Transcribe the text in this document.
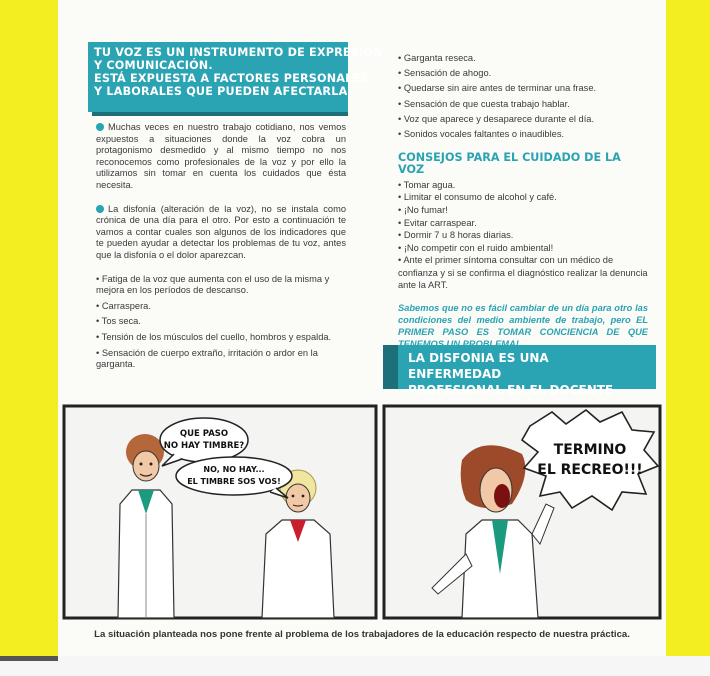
TU VOZ ES UN INSTRUMENTO DE EXPRESIÓN
Y COMUNICACIÓN.
ESTÁ EXPUESTA A FACTORES PERSONALES
Y LABORALES QUE PUEDEN AFECTARLA.

Muchas veces en nuestro trabajo cotidiano, nos vemos expuestos a situaciones donde la voz cobra un protagonismo desmedido y al mismo tiempo no nos reconocemos como profesionales de la voz y por ello la utilizamos sin tomar en cuenta los cuidados que ésta necesita.

La disfonía (alteración de la voz), no se instala como crónica de una día para el otro. Por esto a continuación te vamos a contar cuales son algunos de los indicadores que te pueden ayudar a detectar los problemas de tu voz, antes que la disfonía o el dolor aparezcan.

• Fatiga de la voz que aumenta con el uso de la misma y mejora en los períodos de descanso.
• Carraspera.
• Tos seca.
• Tensión de los músculos del cuello, hombros y espalda.
• Sensación de cuerpo extraño, irritación o ardor en la garganta.
• Garganta reseca.
• Sensación de ahogo.
• Quedarse sin aire antes de terminar una frase.
• Sensación de que cuesta trabajo hablar.
• Voz que aparece y desaparece durante el día.
• Sonidos vocales faltantes o inaudibles.
CONSEJOS PARA EL CUIDADO DE LA VOZ
• Tomar agua.
• Limitar el consumo de alcohol y café.
• ¡No fumar!
• Evitar carraspear.
• Dormir 7 u 8 horas diarias.
• ¡No competir con el ruido ambiental!
• Ante el primer síntoma consultar con un médico de confianza y si se confirma el diagnóstico realizar la denuncia ante la ART.
Sabemos que no es fácil cambiar de un día para otro las condiciones del medio ambiente de trabajo, pero EL PRIMER PASO ES TOMAR CONCIENCIA DE QUE
LA DISFONIA ES UNA ENFERMEDAD
PROFESIONAL EN EL DOCENTE
QUE PASO
NO HAY TIMBRE?
NO, NO HAY...
EL TIMBRE SOS VOS!
TERMINO
EL RECREO!!!
La situación planteada nos pone frente al problema de los trabajadores de la educación respecto de nuestra práctica.
